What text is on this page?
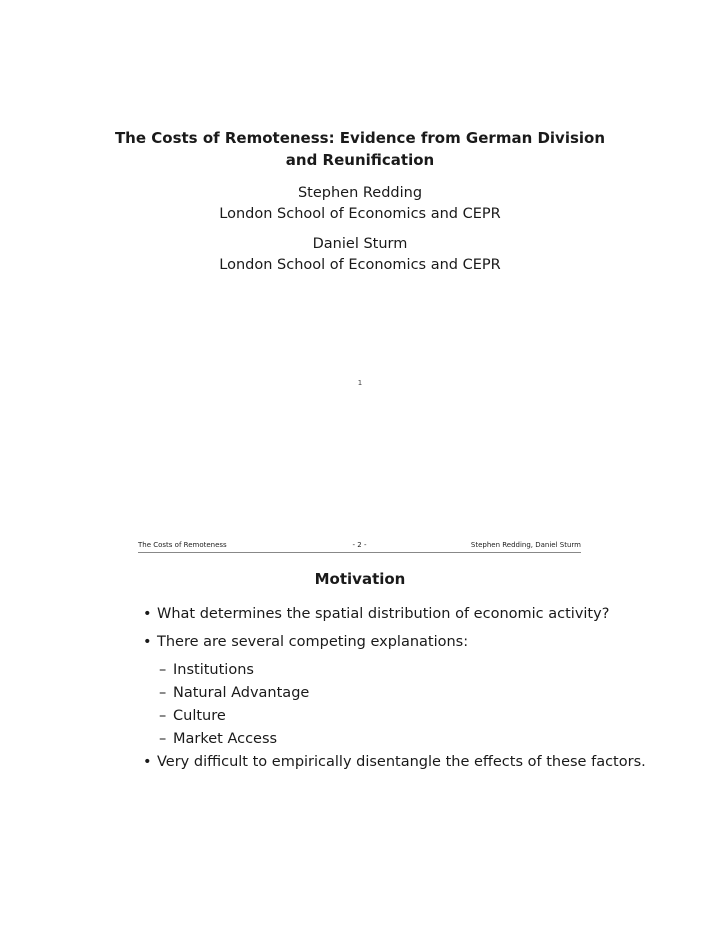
The Costs of Remoteness: Evidence from German Division
and Reunification
Stephen Redding
London School of Economics and CEPR
Daniel Sturm
London School of Economics and CEPR
1
- 2 -
The Costs of Remoteness	Stephen Redding, Daniel Sturm
Motivation
• What determines the spatial distribution of economic activity?
• There are several competing explanations:
– Institutions
– Natural Advantage
– Culture
– Market Access
• Very difficult to empirically disentangle the effects of these factors.
